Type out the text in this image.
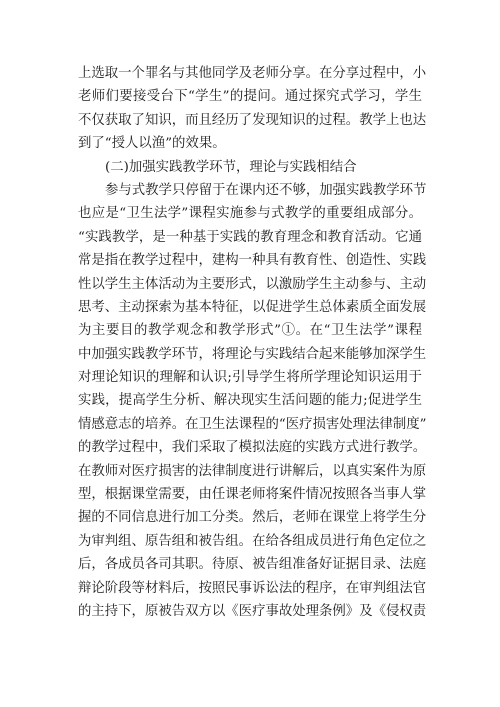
上选取一个罪名与其他同学及老师分享。在分享过程中，小
老师们要接受台下“学生”的提问。通过探究式学习，学生
不仅获取了知识，而且经历了发现知识的过程。教学上也达
到了“授人以渔”的效果。
(二)加强实践教学环节，理论与实践相结合
参与式教学只停留于在课内还不够，加强实践教学环节
也应是“卫生法学”课程实施参与式教学的重要组成部分。
“实践教学，是一种基于实践的教育理念和教育活动。它通
常是指在教学过程中，建构一种具有教育性、创造性、实践
性以学生主体活动为主要形式，以激励学生主动参与、主动
思考、主动探索为基本特征，以促进学生总体素质全面发展
为主要目的教学观念和教学形式”①。在“卫生法学”课程
中加强实践教学环节，将理论与实践结合起来能够加深学生
对理论知识的理解和认识;引导学生将所学理论知识运用于
实践，提高学生分析、解决现实生活问题的能力;促进学生
情感意志的培养。在卫生法课程的“医疗损害处理法律制度”
的教学过程中，我们采取了模拟法庭的实践方式进行教学。
在教师对医疗损害的法律制度进行讲解后，以真实案件为原
型，根据课堂需要，由任课老师将案件情况按照各当事人掌
握的不同信息进行加工分类。然后，老师在课堂上将学生分
为审判组、原告组和被告组。在给各组成员进行角色定位之
后，各成员各司其职。待原、被告组准备好证据目录、法庭
辩论阶段等材料后，按照民事诉讼法的程序，在审判组法官
的主持下，原被告双方以《医疗事故处理条例》及《侵权责
